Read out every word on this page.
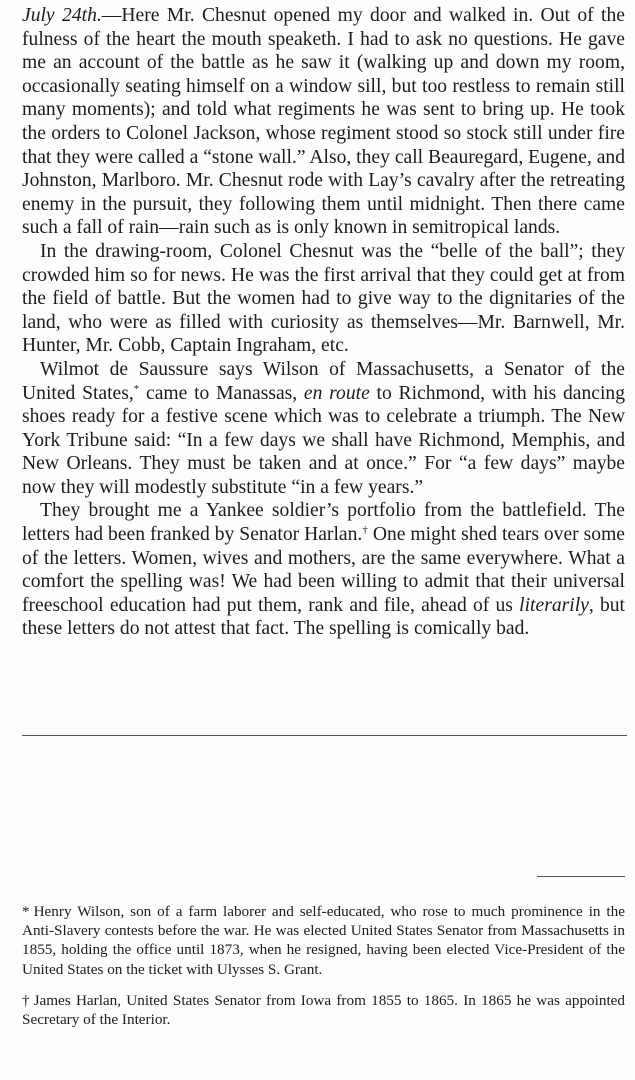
July 24th.—Here Mr. Chesnut opened my door and walked in. Out of the fulness of the heart the mouth speaketh. I had to ask no questions. He gave me an account of the battle as he saw it (walking up and down my room, occasionally seating himself on a window sill, but too restless to remain still many moments); and told what regiments he was sent to bring up. He took the orders to Colonel Jackson, whose regiment stood so stock still under fire that they were called a “stone wall.” Also, they call Beauregard, Eugene, and Johnston, Marlboro. Mr. Chesnut rode with Lay’s cavalry after the retreating enemy in the pursuit, they following them until midnight. Then there came such a fall of rain—rain such as is only known in semitropical lands.

In the drawing-room, Colonel Chesnut was the “belle of the ball”; they crowded him so for news. He was the first arrival that they could get at from the field of battle. But the women had to give way to the dignitaries of the land, who were as filled with curiosity as themselves—Mr. Barnwell, Mr. Hunter, Mr. Cobb, Captain Ingraham, etc.

Wilmot de Saussure says Wilson of Massachusetts, a Senator of the United States,* came to Manassas, en route to Richmond, with his dancing shoes ready for a festive scene which was to celebrate a triumph. The New York Tribune said: “In a few days we shall have Richmond, Memphis, and New Orleans. They must be taken and at once.” For “a few days” maybe now they will modestly substitute “in a few years.”

They brought me a Yankee soldier’s portfolio from the battlefield. The letters had been franked by Senator Harlan.† One might shed tears over some of the letters. Women, wives and mothers, are the same everywhere. What a comfort the spelling was! We had been willing to admit that their universal freeschool education had put them, rank and file, ahead of us literarily, but these letters do not attest that fact. The spelling is comically bad.

* Henry Wilson, son of a farm laborer and self-educated, who rose to much prominence in the Anti-Slavery contests before the war. He was elected United States Senator from Massachusetts in 1855, holding the office until 1873, when he resigned, having been elected Vice-President of the United States on the ticket with Ulysses S. Grant.

† James Harlan, United States Senator from Iowa from 1855 to 1865. In 1865 he was appointed Secretary of the Interior.
